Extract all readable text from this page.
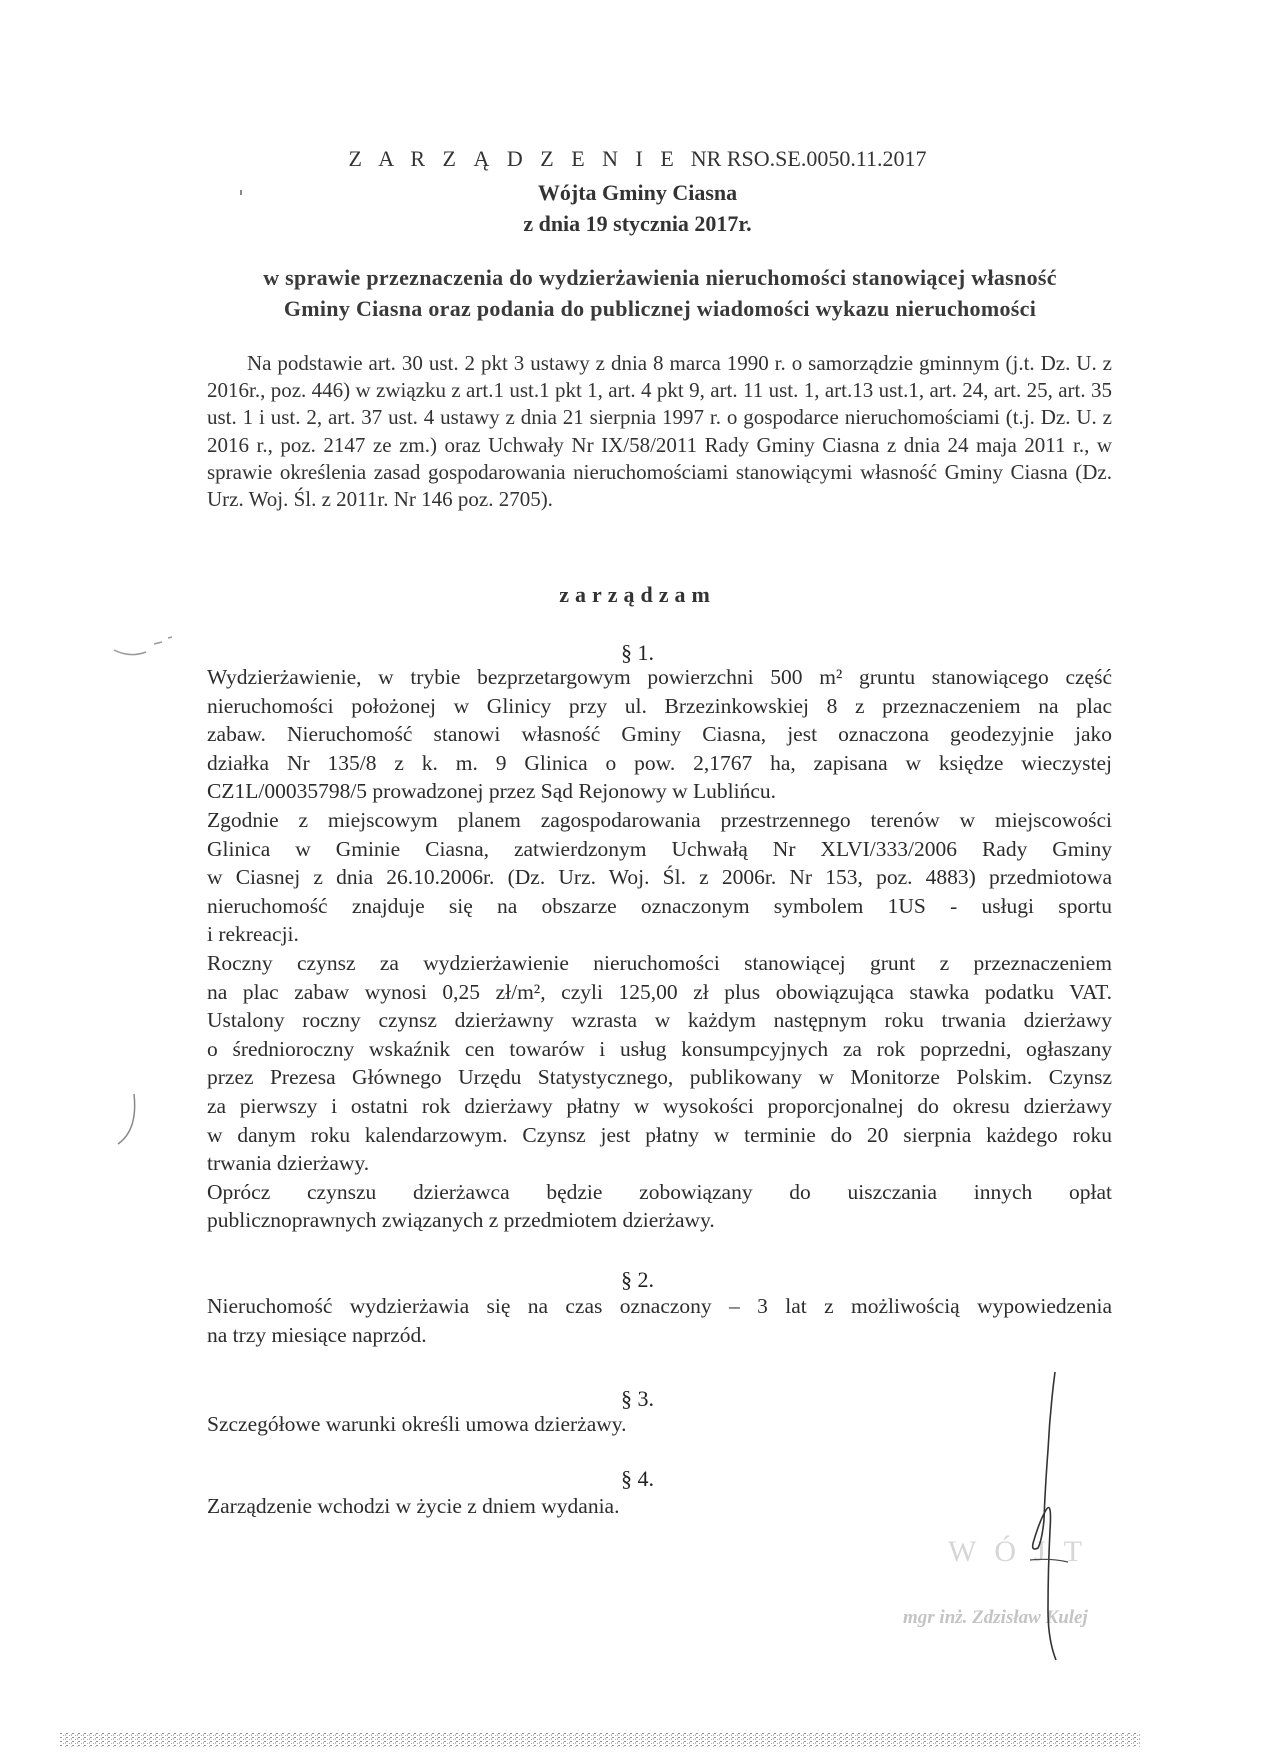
Z A R Z Ą D Z E N I E NR RSO.SE.0050.11.2017
Wójta Gminy Ciasna
z dnia 19 stycznia 2017r.
w sprawie przeznaczenia do wydzierżawienia nieruchomości stanowiącej własność
Gminy Ciasna oraz podania do publicznej wiadomości wykazu nieruchomości
Na podstawie art. 30 ust. 2 pkt 3 ustawy z dnia 8 marca 1990 r. o samorządzie gminnym (j.t. Dz. U. z 2016r., poz. 446) w związku z art.1 ust.1 pkt 1, art. 4 pkt 9, art. 11 ust. 1, art.13 ust.1, art. 24, art. 25, art. 35 ust. 1 i ust. 2, art. 37 ust. 4 ustawy z dnia 21 sierpnia 1997 r. o gospodarce nieruchomościami (t.j. Dz. U. z 2016 r., poz. 2147 ze zm.) oraz Uchwały Nr IX/58/2011 Rady Gminy Ciasna z dnia 24 maja 2011 r., w sprawie określenia zasad gospodarowania nieruchomościami stanowiącymi własność Gminy Ciasna (Dz. Urz. Woj. Śl. z 2011r. Nr 146 poz. 2705).
zarządzam
§ 1.
Wydzierżawienie, w trybie bezprzetargowym powierzchni 500 m² gruntu stanowiącego część
nieruchomości położonej w Glinicy przy ul. Brzezinkowskiej 8 z przeznaczeniem na plac
zabaw. Nieruchomość stanowi własność Gminy Ciasna, jest oznaczona geodezyjnie jako
działka Nr 135/8 z k. m. 9 Glinica o pow. 2,1767 ha, zapisana w księdze wieczystej
CZ1L/00035798/5 prowadzonej przez Sąd Rejonowy w Lublińcu.
Zgodnie z miejscowym planem zagospodarowania przestrzennego terenów w miejscowości
Glinica w Gminie Ciasna, zatwierdzonym Uchwałą Nr XLVI/333/2006 Rady Gminy
w Ciasnej z dnia 26.10.2006r. (Dz. Urz. Woj. Śl. z 2006r. Nr 153, poz. 4883) przedmiotowa
nieruchomość znajduje się na obszarze oznaczonym symbolem 1US - usługi sportu
i rekreacji.
Roczny czynsz za wydzierżawienie nieruchomości stanowiącej grunt z przeznaczeniem
na plac zabaw wynosi 0,25 zł/m², czyli 125,00 zł plus obowiązująca stawka podatku VAT.
Ustalony roczny czynsz dzierżawny wzrasta w każdym następnym roku trwania dzierżawy
o średnioroczny wskaźnik cen towarów i usług konsumpcyjnych za rok poprzedni, ogłaszany
przez Prezesa Głównego Urzędu Statystycznego, publikowany w Monitorze Polskim. Czynsz
za pierwszy i ostatni rok dzierżawy płatny w wysokości proporcjonalnej do okresu dzierżawy
w danym roku kalendarzowym. Czynsz jest płatny w terminie do 20 sierpnia każdego roku
trwania dzierżawy.
Oprócz czynszu dzierżawca będzie zobowiązany do uiszczania innych opłat
publicznoprawnych związanych z przedmiotem dzierżawy.
§ 2.
Nieruchomość wydzierżawia się na czas oznaczony – 3 lat z możliwością wypowiedzenia
na trzy miesiące naprzód.
§ 3.
Szczegółowe warunki określi umowa dzierżawy.
§ 4.
Zarządzenie wchodzi w życie z dniem wydania.
WÓJT
mgr inż. Zdzisław Kulej
